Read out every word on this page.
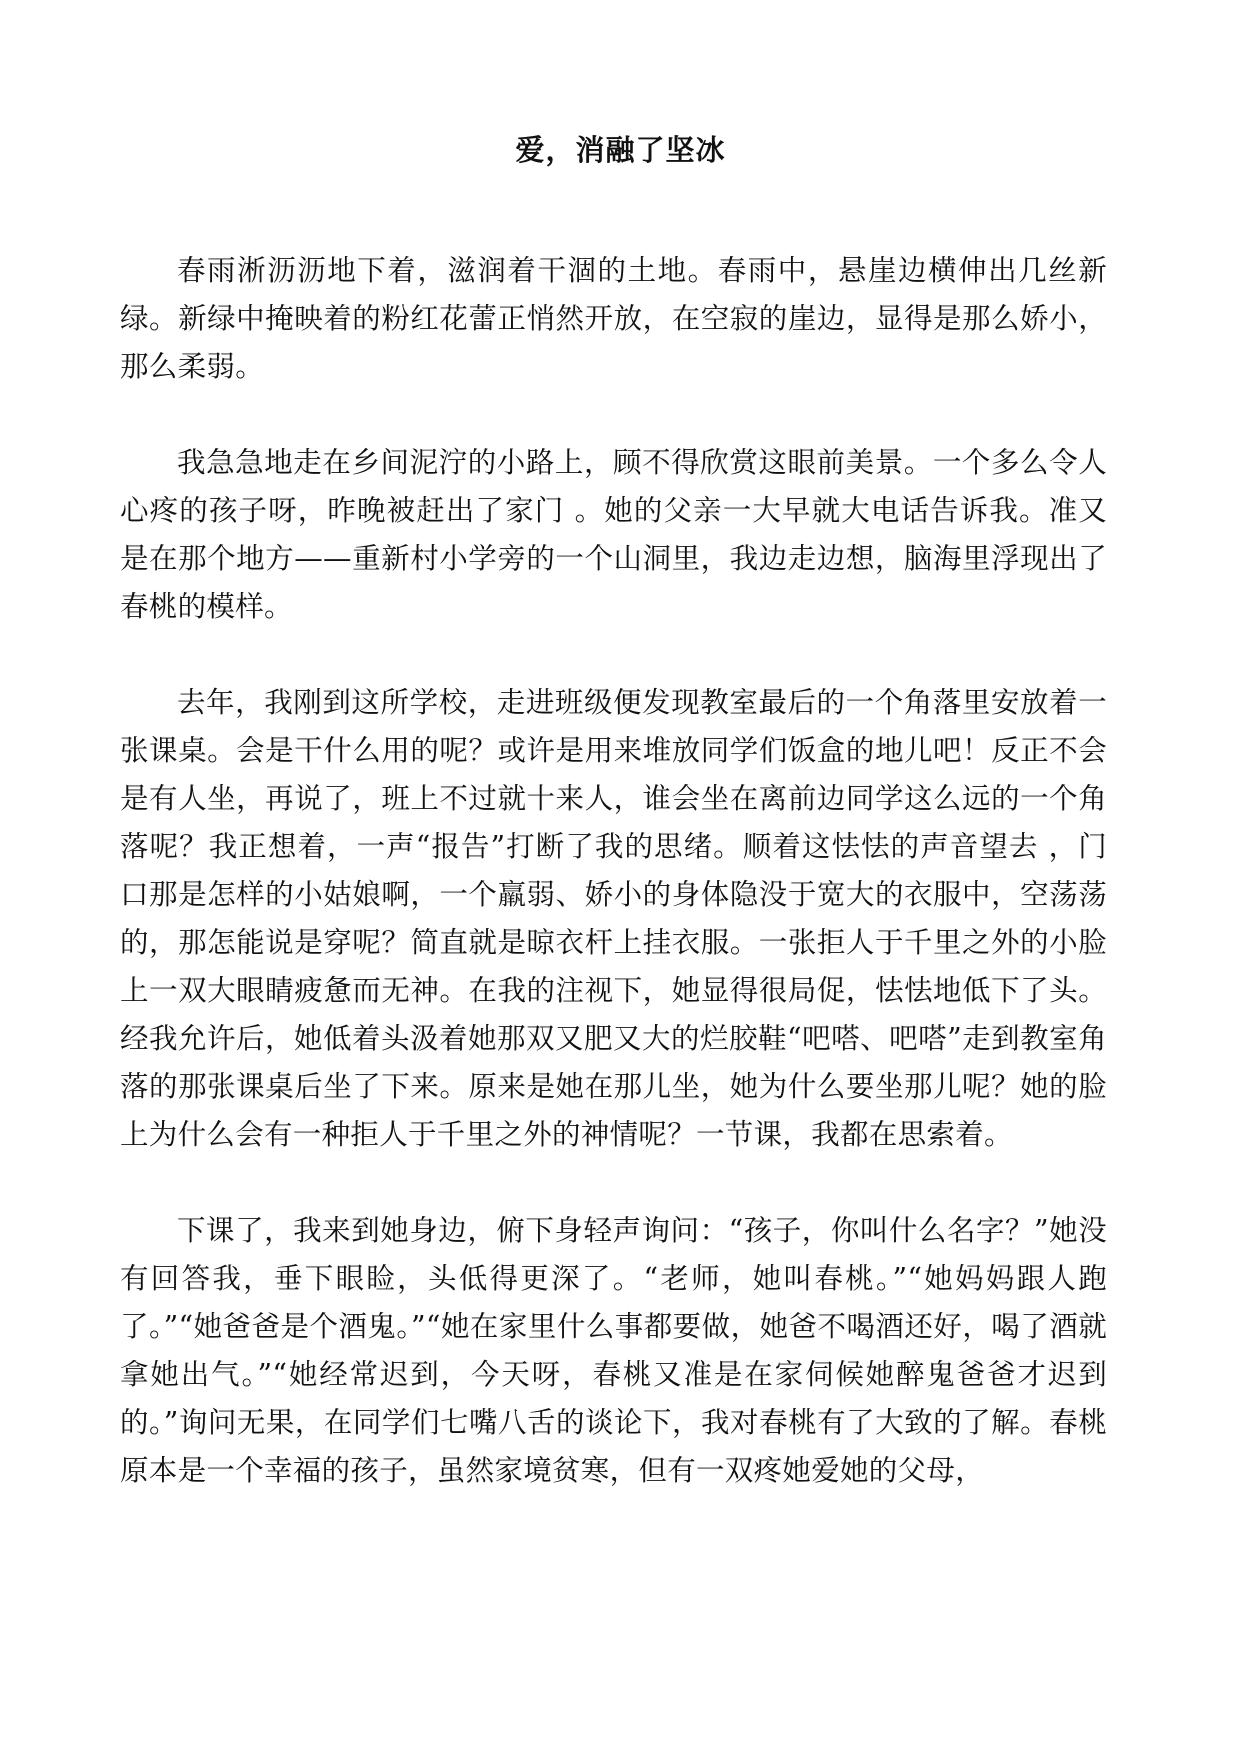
爱，消融了坚冰

春雨淅沥沥地下着，滋润着干涸的土地。春雨中，悬崖边横伸出几丝新绿。新绿中掩映着的粉红花蕾正悄然开放，在空寂的崖边，显得是那么娇小，那么柔弱。

我急急地走在乡间泥泞的小路上，顾不得欣赏这眼前美景。一个多么令人心疼的孩子呀，昨晚被赶出了家门 。她的父亲一大早就大电话告诉我。准又是在那个地方——重新村小学旁的一个山洞里，我边走边想，脑海里浮现出了春桃的模样。

去年，我刚到这所学校，走进班级便发现教室最后的一个角落里安放着一张课桌。会是干什么用的呢？或许是用来堆放同学们饭盒的地儿吧！反正不会是有人坐，再说了，班上不过就十来人，谁会坐在离前边同学这么远的一个角落呢？我正想着，一声“报告”打断了我的思绪。顺着这怯怯的声音望去 ，门口那是怎样的小姑娘啊，一个羸弱、娇小的身体隐没于宽大的衣服中，空荡荡的，那怎能说是穿呢？简直就是晾衣杆上挂衣服。一张拒人于千里之外的小脸上一双大眼睛疲惫而无神。在我的注视下，她显得很局促，怯怯地低下了头。经我允许后，她低着头汲着她那双又肥又大的烂胶鞋“吧嗒、吧嗒”走到教室角落的那张课桌后坐了下来。原来是她在那儿坐，她为什么要坐那儿呢？她的脸上为什么会有一种拒人于千里之外的神情呢？一节课，我都在思索着。

下课了，我来到她身边，俯下身轻声询问：“孩子，你叫什么名字？”她没有回答我，垂下眼睑，头低得更深了。“老师，她叫春桃。”“她妈妈跟人跑了。”“她爸爸是个酒鬼。”“她在家里什么事都要做，她爸不喝酒还好，喝了酒就拿她出气。”“她经常迟到，今天呀，春桃又准是在家伺候她醉鬼爸爸才迟到的。”询问无果，在同学们七嘴八舌的谈论下，我对春桃有了大致的了解。春桃原本是一个幸福的孩子，虽然家境贫寒，但有一双疼她爱她的父母，
